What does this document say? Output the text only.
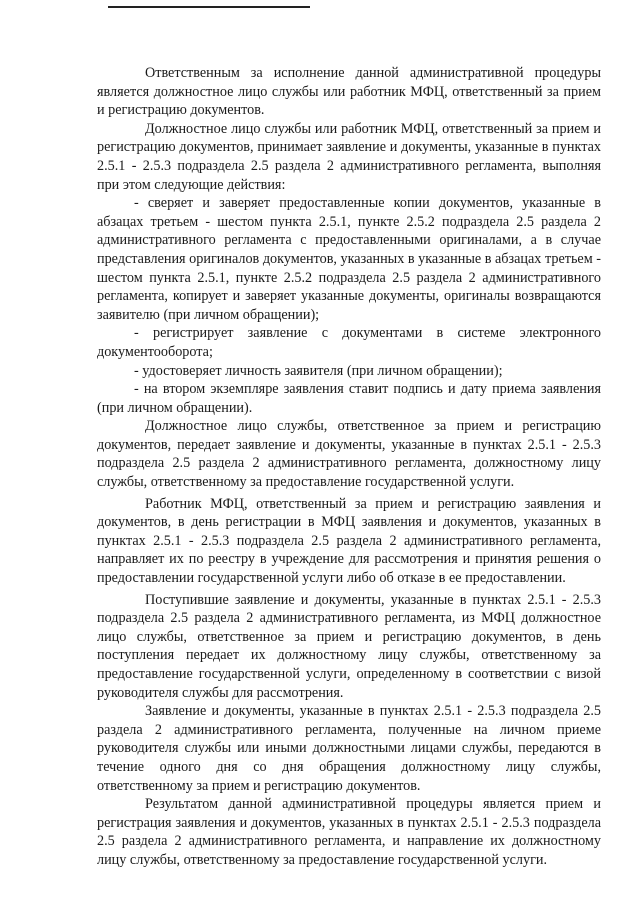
Ответственным за исполнение данной административной процедуры является должностное лицо службы или работник МФЦ, ответственный за прием и регистрацию документов.

Должностное лицо службы или работник МФЦ, ответственный за прием и регистрацию документов, принимает заявление и документы, указанные в пунктах 2.5.1 - 2.5.3 подраздела 2.5 раздела 2 административного регламента, выполняя при этом следующие действия:

- сверяет и заверяет предоставленные копии документов, указанные в абзацах третьем - шестом пункта 2.5.1, пункте 2.5.2 подраздела 2.5 раздела 2 административного регламента с предоставленными оригиналами, а в случае представления оригиналов документов, указанных в указанные в абзацах третьем - шестом пункта 2.5.1, пункте 2.5.2 подраздела 2.5 раздела 2 административного регламента, копирует и заверяет указанные документы, оригиналы возвращаются заявителю (при личном обращении);

- регистрирует заявление с документами в системе электронного документооборота;

- удостоверяет личность заявителя (при личном обращении);

- на втором экземпляре заявления ставит подпись и дату приема заявления (при личном обращении).

Должностное лицо службы, ответственное за прием и регистрацию документов, передает заявление и документы, указанные в пунктах 2.5.1 - 2.5.3 подраздела 2.5 раздела 2 административного регламента, должностному лицу службы, ответственному за предоставление государственной услуги.

Работник МФЦ, ответственный за прием и регистрацию заявления и документов, в день регистрации в МФЦ заявления и документов, указанных в пунктах 2.5.1 - 2.5.3 подраздела 2.5 раздела 2 административного регламента, направляет их по реестру в учреждение для рассмотрения и принятия решения о предоставлении государственной услуги либо об отказе в ее предоставлении.

Поступившие заявление и документы, указанные в пунктах 2.5.1 - 2.5.3 подраздела 2.5 раздела 2 административного регламента, из МФЦ должностное лицо службы, ответственное за прием и регистрацию документов, в день поступления передает их должностному лицу службы, ответственному за предоставление государственной услуги, определенному в соответствии с визой руководителя службы для рассмотрения.

Заявление и документы, указанные в пунктах 2.5.1 - 2.5.3 подраздела 2.5 раздела 2 административного регламента, полученные на личном приеме руководителя службы или иными должностными лицами службы, передаются в течение одного дня со дня обращения должностному лицу службы, ответственному за прием и регистрацию документов.

Результатом данной административной процедуры является прием и регистрация заявления и документов, указанных в пунктах 2.5.1 - 2.5.3 подраздела 2.5 раздела 2 административного регламента, и направление их должностному лицу службы, ответственному за предоставление государственной услуги.
